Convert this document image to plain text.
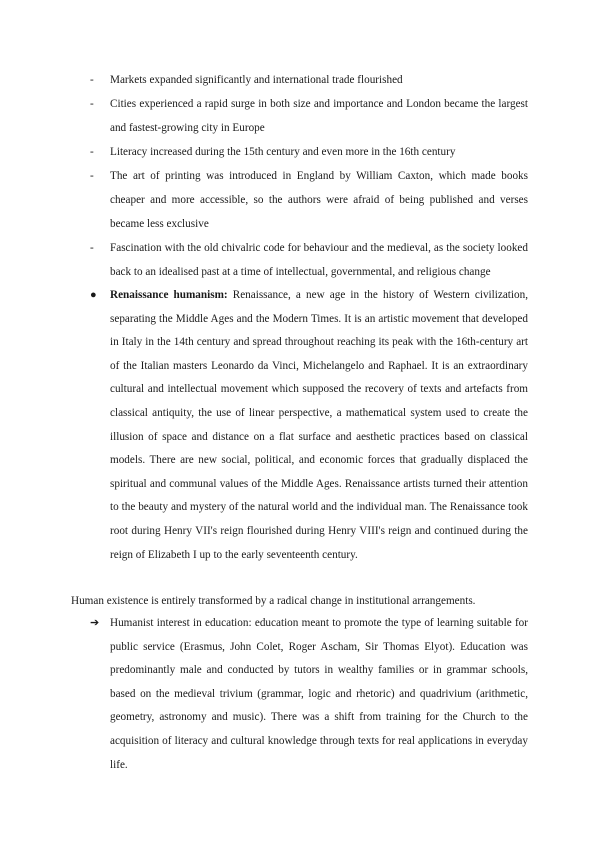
- Markets expanded significantly and international trade flourished
- Cities experienced a rapid surge in both size and importance and London became the largest and fastest-growing city in Europe
- Literacy increased during the 15th century and even more in the 16th century
- The art of printing was introduced in England by William Caxton, which made books cheaper and more accessible, so the authors were afraid of being published and verses became less exclusive
- Fascination with the old chivalric code for behaviour and the medieval, as the society looked back to an idealised past at a time of intellectual, governmental, and religious change
● Renaissance humanism: Renaissance, a new age in the history of Western civilization, separating the Middle Ages and the Modern Times. It is an artistic movement that developed in Italy in the 14th century and spread throughout reaching its peak with the 16th-century art of the Italian masters Leonardo da Vinci, Michelangelo and Raphael. It is an extraordinary cultural and intellectual movement which supposed the recovery of texts and artefacts from classical antiquity, the use of linear perspective, a mathematical system used to create the illusion of space and distance on a flat surface and aesthetic practices based on classical models. There are new social, political, and economic forces that gradually displaced the spiritual and communal values of the Middle Ages. Renaissance artists turned their attention to the beauty and mystery of the natural world and the individual man. The Renaissance took root during Henry VII's reign flourished during Henry VIII's reign and continued during the reign of Elizabeth I up to the early seventeenth century.
Human existence is entirely transformed by a radical change in institutional arrangements.
➔ Humanist interest in education: education meant to promote the type of learning suitable for public service (Erasmus, John Colet, Roger Ascham, Sir Thomas Elyot). Education was predominantly male and conducted by tutors in wealthy families or in grammar schools, based on the medieval trivium (grammar, logic and rhetoric) and quadrivium (arithmetic, geometry, astronomy and music). There was a shift from training for the Church to the acquisition of literacy and cultural knowledge through texts for real applications in everyday life.
